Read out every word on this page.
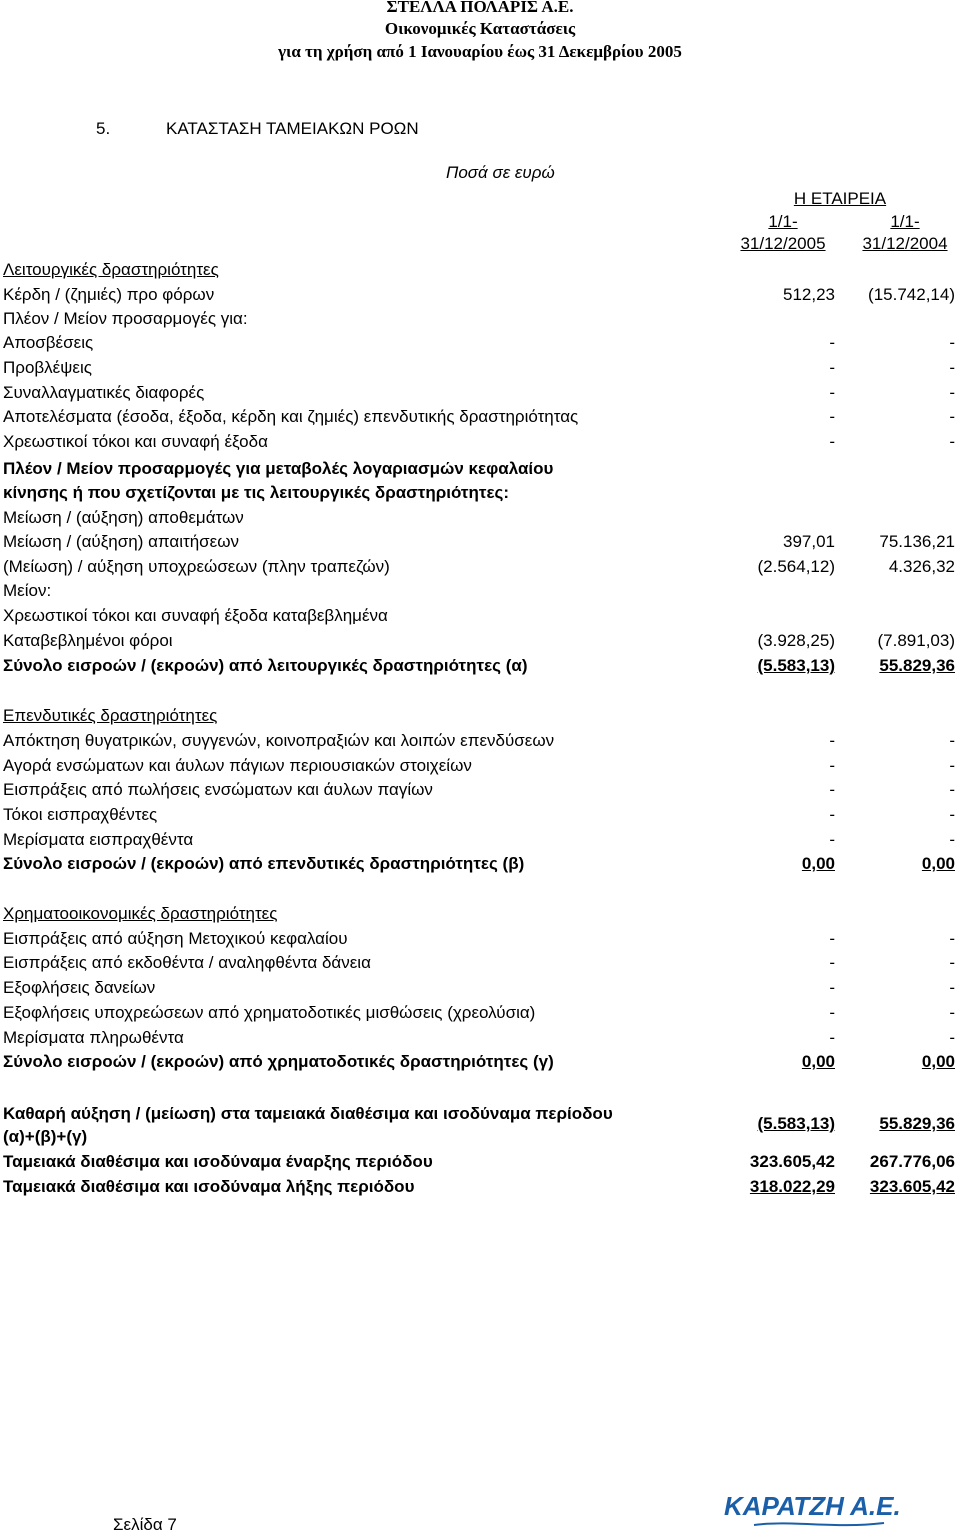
ΣΤΕΛΛΑ ΠΟΛΑΡΙΣ Α.Ε.
Οικονομικές Καταστάσεις
για τη χρήση από 1 Ιανουαρίου έως 31 Δεκεμβρίου 2005
5.	ΚΑΤΑΣΤΑΣΗ ΤΑΜΕΙΑΚΩΝ ΡΟΩΝ
Ποσά σε ευρώ
Η ΕΤΑΙΡΕΙΑ
1/1-
31/12/2005
1/1-
31/12/2004
Λειτουργικές δραστηριότητες
Κέρδη / (ζημιές) προ φόρων	512,23 (15.742,14)
Πλέον / Μείον προσαρμογές για:
Αποσβέσεις	-	-
Προβλέψεις	-	-
Συναλλαγματικές διαφορές	-	-
Αποτελέσματα (έσοδα, έξοδα, κέρδη και ζημιές) επενδυτικής δραστηριότητας	-	-
Χρεωστικοί τόκοι και συναφή έξοδα	-	-
Πλέον / Μείον προσαρμογές για μεταβολές λογαριασμών κεφαλαίου
κίνησης ή που σχετίζονται με τις λειτουργικές δραστηριότητες:
Μείωση / (αύξηση) αποθεμάτων
Μείωση / (αύξηση) απαιτήσεων	397,01	75.136,21
(Μείωση) / αύξηση υποχρεώσεων (πλην τραπεζών)	(2.564,12)	4.326,32
Μείον:
Χρεωστικοί τόκοι και συναφή έξοδα καταβεβλημένα
Καταβεβλημένοι φόροι	(3.928,25)	(7.891,03)
Σύνολο εισροών / (εκροών) από λειτουργικές δραστηριότητες (α)	(5.583,13)	55.829,36
Επενδυτικές δραστηριότητες
Απόκτηση θυγατρικών, συγγενών, κοινοπραξιών και λοιπών επενδύσεων	-	-
Αγορά ενσώματων και άυλων πάγιων περιουσιακών στοιχείων	-	-
Εισπράξεις από πωλήσεις ενσώματων και άυλων παγίων	-	-
Τόκοι εισπραχθέντες	-	-
Μερίσματα εισπραχθέντα	-	-
Σύνολο εισροών / (εκροών) από επενδυτικές δραστηριότητες (β)	0,00	0,00
Χρηματοοικονομικές δραστηριότητες
Εισπράξεις από αύξηση Μετοχικού κεφαλαίου	-	-
Εισπράξεις από εκδοθέντα / αναληφθέντα δάνεια	-	-
Εξοφλήσεις δανείων	-	-
Εξοφλήσεις υποχρεώσεων από χρηματοδοτικές μισθώσεις (χρεολύσια)	-	-
Μερίσματα πληρωθέντα	-	-
Σύνολο εισροών / (εκροών) από χρηματοδοτικές δραστηριότητες (γ)	0,00	0,00
Καθαρή αύξηση / (μείωση) στα ταμειακά διαθέσιμα και ισοδύναμα περίοδου (α)+(β)+(γ)
(5.583,13)	55.829,36
Ταμειακά διαθέσιμα και ισοδύναμα έναρξης περιόδου	323.605,42 267.776,06
Ταμειακά διαθέσιμα και ισοδύναμα λήξης περιόδου	318.022,29 323.605,42
Σελίδα 7
ΚΑΡΑΤΖΗ Α.Ε.
